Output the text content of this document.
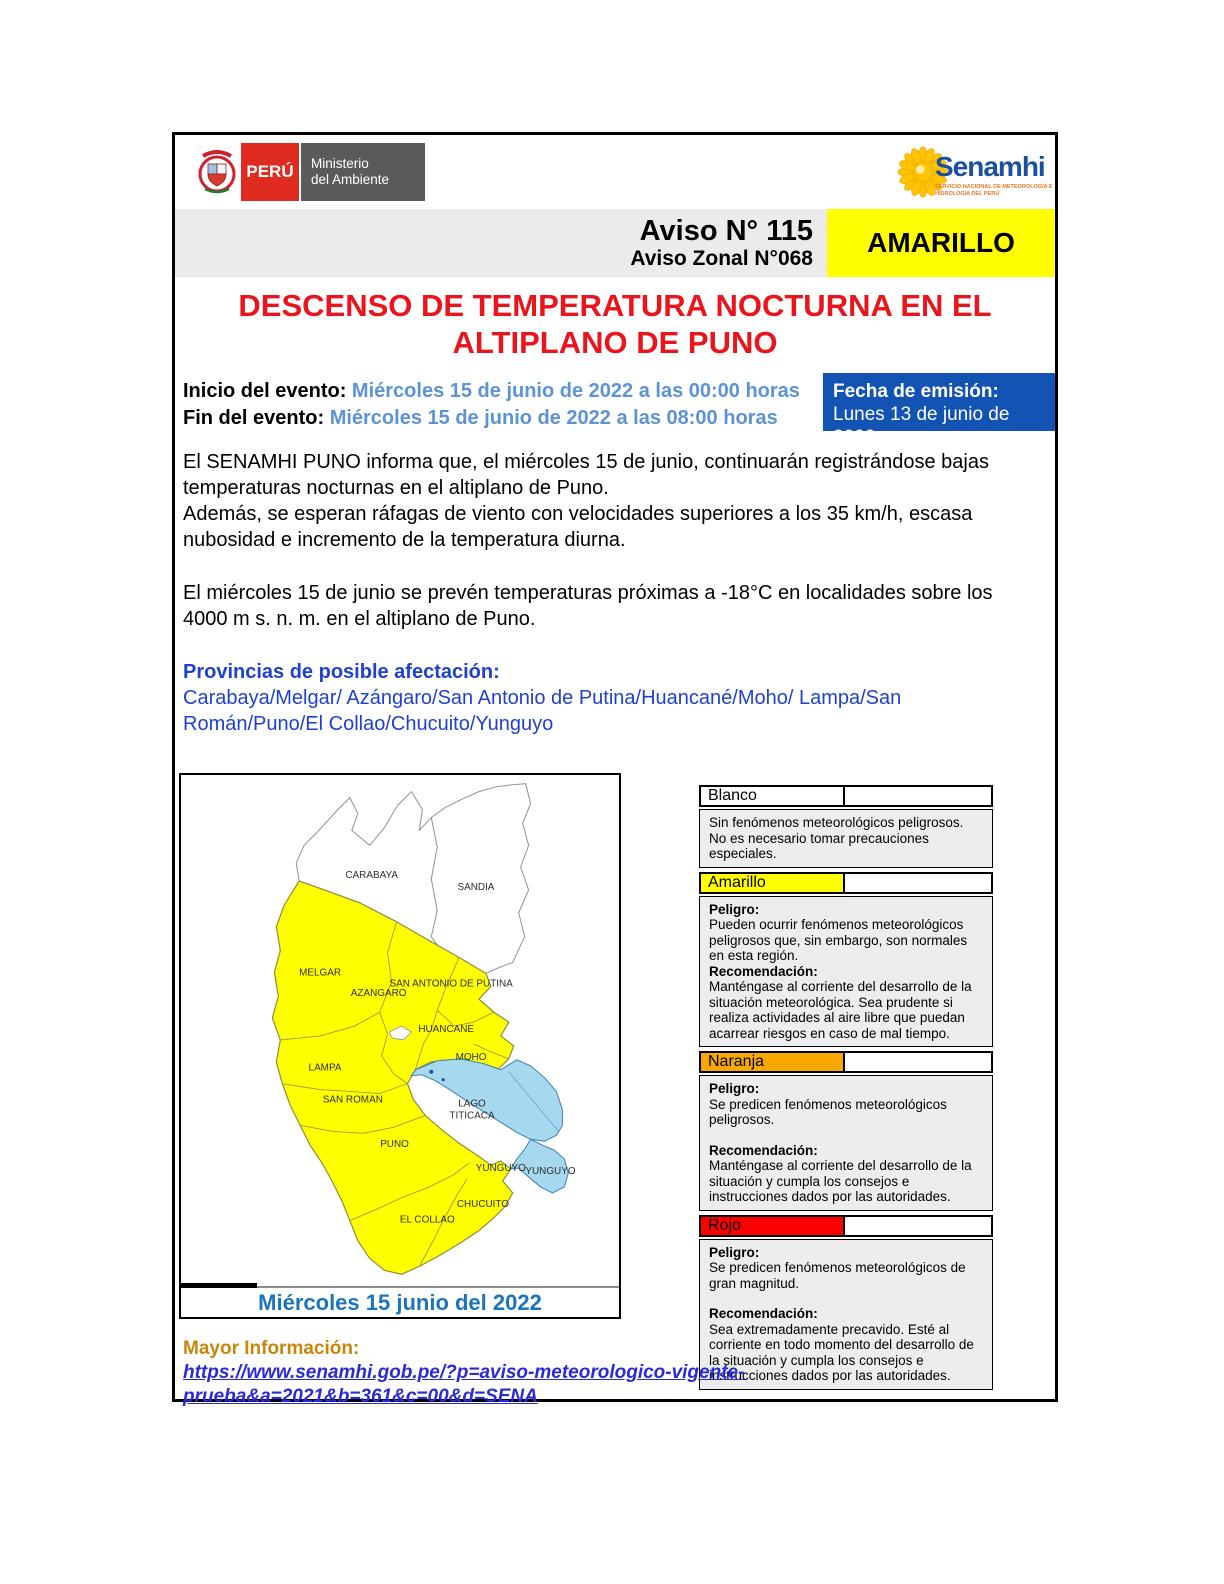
PERÚ Ministerio
del Ambiente	Senamhi
SERVICIO NACIONAL DE METEOROLOGÍA E HIDROLOGÍA DEL PERÚ
Aviso N° 115
Aviso Zonal N°068
AMARILLO
DESCENSO DE TEMPERATURA NOCTURNA EN EL
ALTIPLANO DE PUNO
Inicio del evento: Miércoles 15 de junio de 2022 a las 00:00 horas
Fin del evento: Miércoles 15 de junio de 2022 a las 08:00 horas
Fecha de emisión:
Lunes 13 de junio de 2022
El SENAMHI PUNO informa que, el miércoles 15 de junio, continuarán registrándose bajas temperaturas nocturnas en el altiplano de Puno.
Además, se esperan ráfagas de viento con velocidades superiores a los 35 km/h, escasa nubosidad e incremento de la temperatura diurna.
El miércoles 15 de junio se prevén temperaturas próximas a -18°C en localidades sobre los 4000 m s. n. m. en el altiplano de Puno.
Provincias de posible afectación:
Carabaya/Melgar/ Azángaro/San Antonio de Putina/Huancané/Moho/ Lampa/San Román/Puno/El Collao/Chucuito/Yunguyo
CARABAYA
SANDIA
MELGAR
SAN ANTONIO DE PUTINA
AZANGARO
HUANCANE
MOHO
LAMPA
SAN ROMAN	LAGO
TITICACA
PUNO
YUNGUYO YUNGUYO
CHUCUITO
EL COLLAO
Miércoles 15 junio del 2022
Blanco
Sin fenómenos meteorológicos peligrosos.
No es necesario tomar precauciones especiales.
Amarillo
Peligro:
Pueden ocurrir fenómenos meteorológicos peligrosos que, sin embargo, son normales en esta región.
Recomendación:
Manténgase al corriente del desarrollo de la situación meteorológica. Sea prudente si realiza actividades al aire libre que puedan acarrear riesgos en caso de mal tiempo.
Naranja
Peligro:
Se predicen fenómenos meteorológicos peligrosos.
Recomendación:
Manténgase al corriente del desarrollo de la situación y cumpla los consejos e instrucciones dados por las autoridades.
Rojo
Peligro:
Se predicen fenómenos meteorológicos de gran magnitud.
Recomendación:
Sea extremadamente precavido. Esté al corriente en todo momento del desarrollo de la situación y cumpla los consejos e instrucciones dados por las autoridades.
Mayor Información:
https://www.senamhi.gob.pe/?p=aviso-meteorologico-vigente-prueba&a=2021&b=361&c=00&d=SENA
